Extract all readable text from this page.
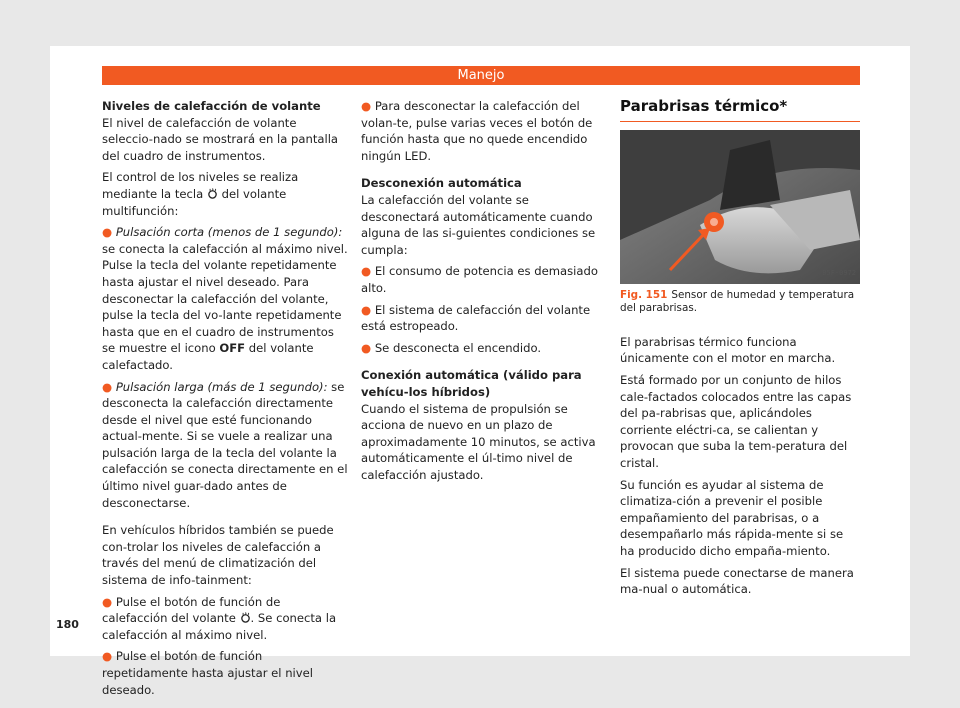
Manejo
Niveles de calefacción de volante

El nivel de calefacción de volante seleccio-nado se mostrará en la pantalla del cuadro de instrumentos.

El control de los niveles se realiza mediante la tecla del volante multifunción:

● Pulsación corta (menos de 1 segundo): se conecta la calefacción al máximo nivel. Pulse la tecla del volante repetidamente hasta ajustar el nivel deseado. Para desconectar la calefacción del volante, pulse la tecla del vo-lante repetidamente hasta que en el cuadro de instrumentos se muestre el icono OFF del volante calefactado.
● Pulsación larga (más de 1 segundo): se desconecta la calefacción directamente desde el nivel que esté funcionando actual-mente. Si se vuele a realizar una pulsación larga de la tecla del volante la calefacción se conecta directamente en el último nivel guar-dado antes de desconectarse.

En vehículos híbridos también se puede con-trolar los niveles de calefacción a través del menú de climatización del sistema de info-tainment:

● Pulse el botón de función de calefacción del volante . Se conecta la calefacción al máximo nivel.
● Pulse el botón de función repetidamente hasta ajustar el nivel deseado.
● Para desconectar la calefacción del volan-te, pulse varias veces el botón de función hasta que no quede encendido ningún LED.
Desconexión automática

La calefacción del volante se desconectará automáticamente cuando alguna de las si-guientes condiciones se cumpla:

● El consumo de potencia es demasiado alto.
● El sistema de calefacción del volante está estropeado.
● Se desconecta el encendido.
Conexión automática (válido para vehícu-los híbridos)

Cuando el sistema de propulsión se acciona de nuevo en un plazo de aproximadamente 10 minutos, se activa automáticamente el úl-timo nivel de calefacción ajustado.

Parabrisas térmico*
B5F-0972
Fig. 151 Sensor de humedad y temperatura del parabrisas.

El parabrisas térmico funciona únicamente con el motor en marcha.

Está formado por un conjunto de hilos cale-factados colocados entre las capas del pa-rabrisas que, aplicándoles corriente eléctri-ca, se calientan y provocan que suba la tem-peratura del cristal.

Su función es ayudar al sistema de climatiza-ción a prevenir el posible empañamiento del parabrisas, o a desempañarlo más rápida-mente si se ha producido dicho empaña-miento.

El sistema puede conectarse de manera ma-nual o automática.

180
